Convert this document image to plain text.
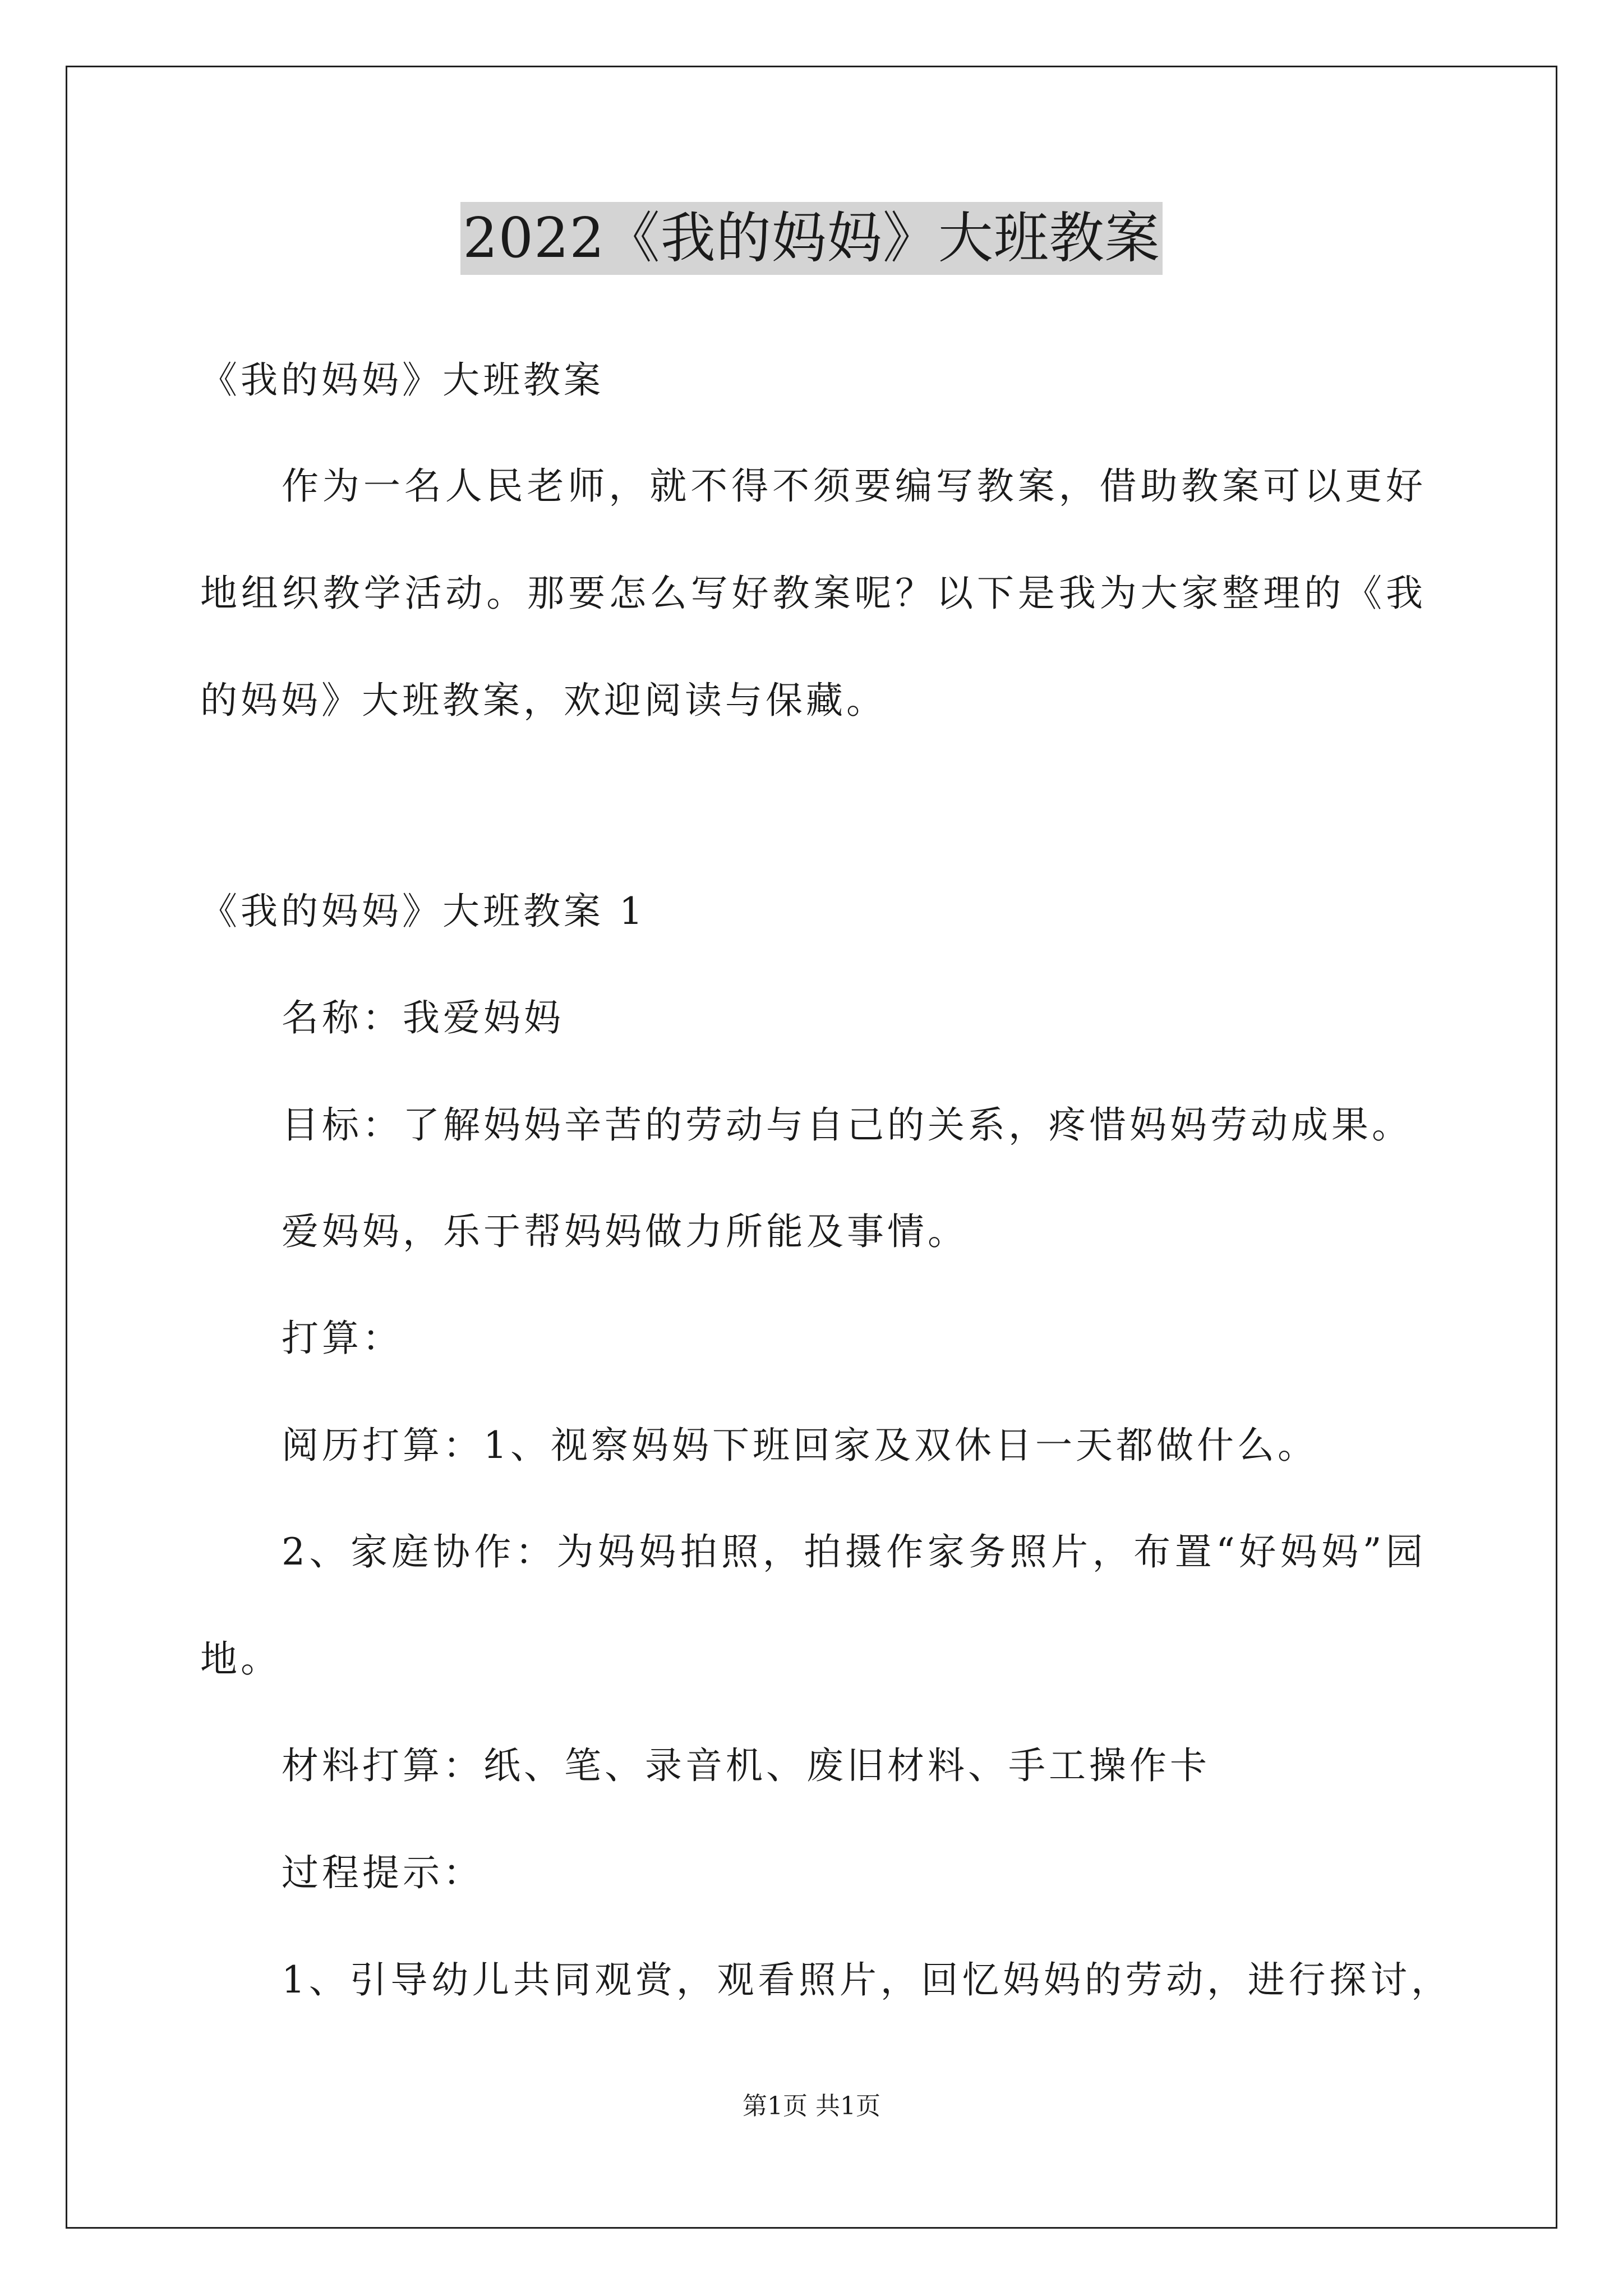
2022《我的妈妈》大班教案
《我的妈妈》大班教案
作为一名人民老师，就不得不须要编写教案，借助教案可以更好
地组织教学活动。那要怎么写好教案呢？以下是我为大家整理的《我
的妈妈》大班教案，欢迎阅读与保藏。
《我的妈妈》大班教案 1
名称：我爱妈妈
目标：了解妈妈辛苦的劳动与自己的关系，疼惜妈妈劳动成果。
爱妈妈，乐于帮妈妈做力所能及事情。
打算：
阅历打算：1、视察妈妈下班回家及双休日一天都做什么。
2、家庭协作：为妈妈拍照，拍摄作家务照片，布置“好妈妈”园
地。
材料打算：纸、笔、录音机、废旧材料、手工操作卡
过程提示：
1、引导幼儿共同观赏，观看照片，回忆妈妈的劳动，进行探讨，
第1页 共1页
